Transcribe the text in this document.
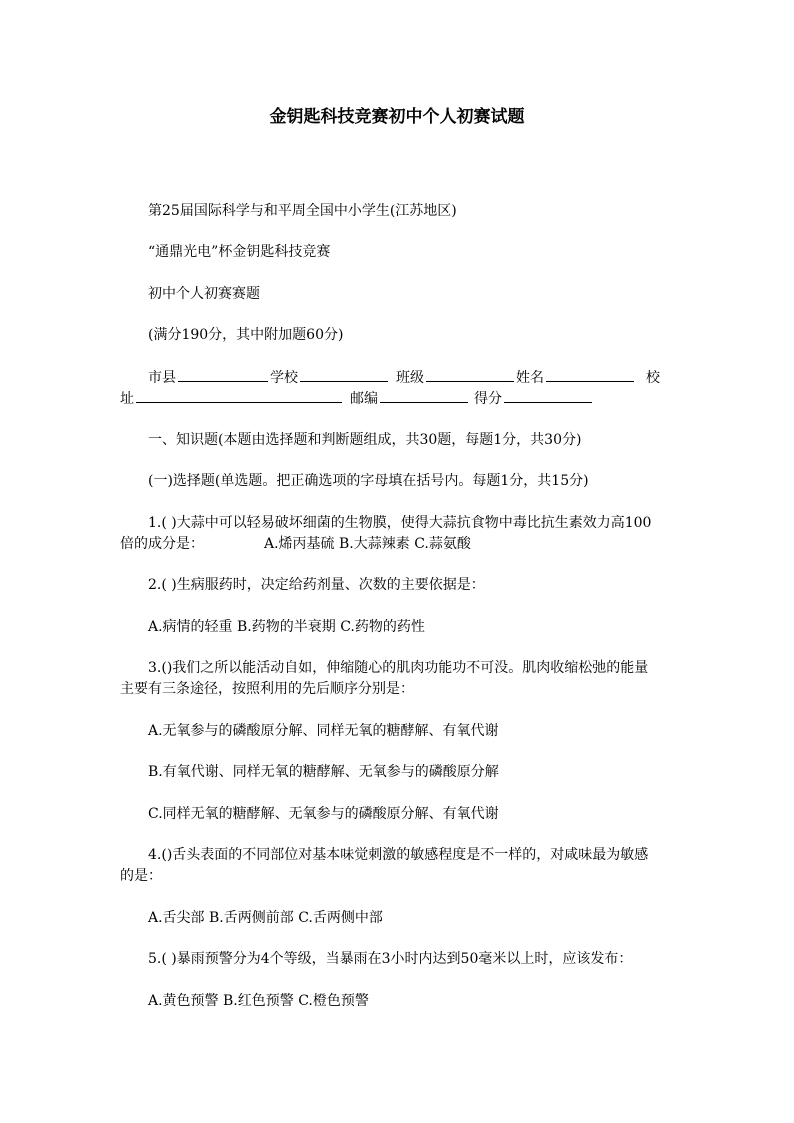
金钥匙科技竞赛初中个人初赛试题
第25届国际科学与和平周全国中小学生(江苏地区)
“通鼎光电”杯金钥匙科技竞赛
初中个人初赛赛题
(满分190分，其中附加题60分)
市县	学校	班级	姓名	校
址	邮编	得分
一、知识题(本题由选择题和判断题组成，共30题，每题1分，共30分)
(一)选择题(单选题。把正确选项的字母填在括号内。每题1分，共15分)
1.( )大蒜中可以轻易破坏细菌的生物膜，使得大蒜抗食物中毒比抗生素效力高100
倍的成分是：	A.烯丙基硫 B.大蒜辣素 C.蒜氨酸
2.( )生病服药时，决定给药剂量、次数的主要依据是：
A.病情的轻重 B.药物的半衰期 C.药物的药性
3.()我们之所以能活动自如，伸缩随心的肌肉功能功不可没。肌肉收缩松弛的能量
主要有三条途径，按照利用的先后顺序分别是：
A.无氧参与的磷酸原分解、同样无氧的糖酵解、有氧代谢
B.有氧代谢、同样无氧的糖酵解、无氧参与的磷酸原分解
C.同样无氧的糖酵解、无氧参与的磷酸原分解、有氧代谢
4.()舌头表面的不同部位对基本味觉刺激的敏感程度是不一样的，对咸味最为敏感
的是：
A.舌尖部 B.舌两侧前部 C.舌两侧中部
5.( )暴雨预警分为4个等级，当暴雨在3小时内达到50毫米以上时，应该发布：
A.黄色预警 B.红色预警 C.橙色预警
